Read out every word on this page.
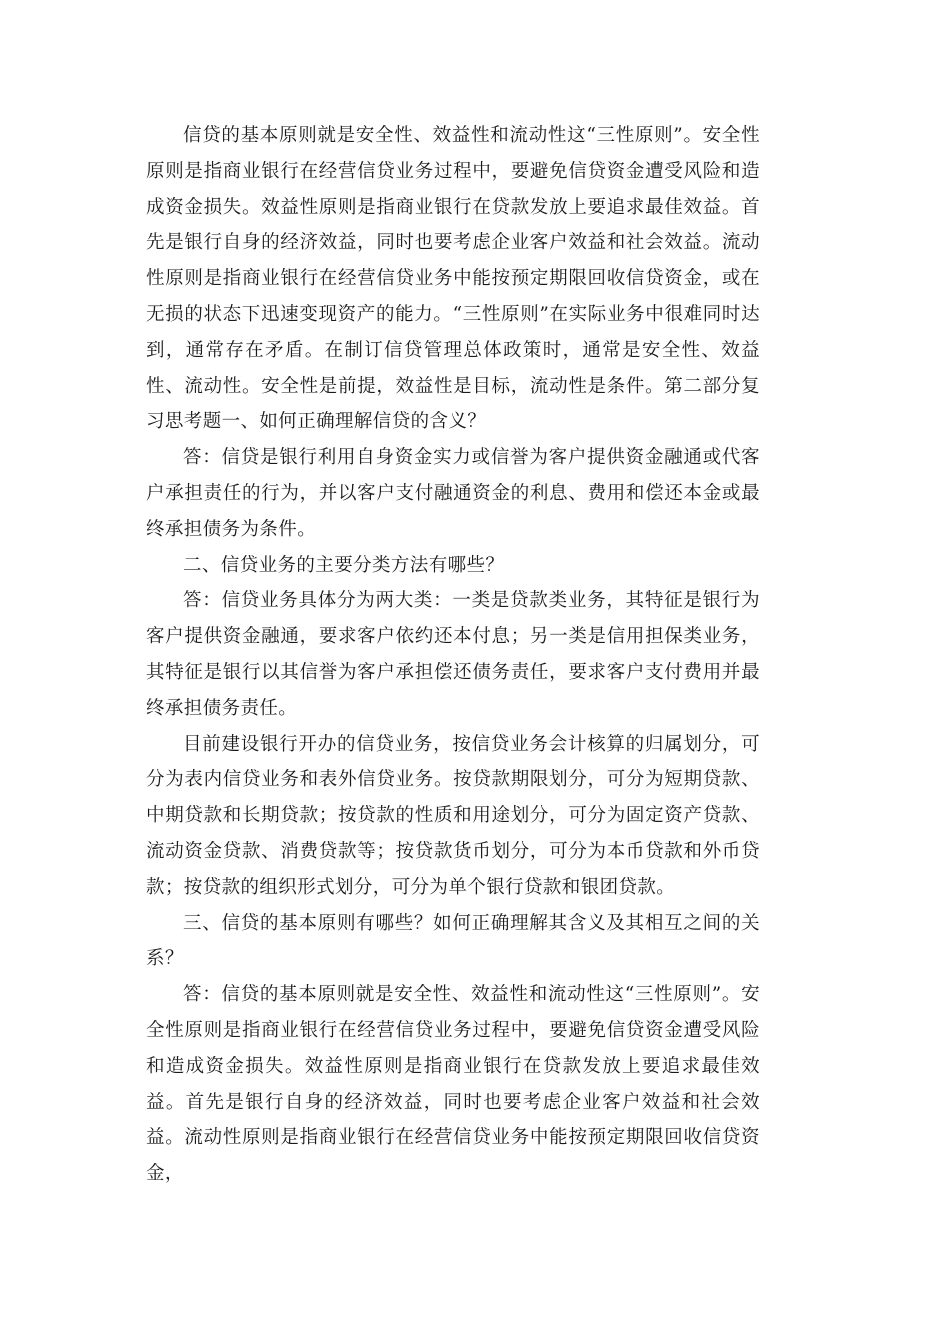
信贷的基本原则就是安全性、效益性和流动性这“三性原则”。安全性原则是指商业银行在经营信贷业务过程中，要避免信贷资金遭受风险和造成资金损失。效益性原则是指商业银行在贷款发放上要追求最佳效益。首先是银行自身的经济效益，同时也要考虑企业客户效益和社会效益。流动性原则是指商业银行在经营信贷业务中能按预定期限回收信贷资金，或在无损的状态下迅速变现资产的能力。“三性原则”在实际业务中很难同时达到，通常存在矛盾。在制订信贷管理总体政策时，通常是安全性、效益性、流动性。安全性是前提，效益性是目标，流动性是条件。第二部分复习思考题一、如何正确理解信贷的含义？

答：信贷是银行利用自身资金实力或信誉为客户提供资金融通或代客户承担责任的行为，并以客户支付融通资金的利息、费用和偿还本金或最终承担债务为条件。

二、信贷业务的主要分类方法有哪些？

答：信贷业务具体分为两大类：一类是贷款类业务，其特征是银行为客户提供资金融通，要求客户依约还本付息；另一类是信用担保类业务，其特征是银行以其信誉为客户承担偿还债务责任，要求客户支付费用并最终承担债务责任。

目前建设银行开办的信贷业务，按信贷业务会计核算的归属划分，可分为表内信贷业务和表外信贷业务。按贷款期限划分，可分为短期贷款、中期贷款和长期贷款；按贷款的性质和用途划分，可分为固定资产贷款、流动资金贷款、消费贷款等；按贷款货币划分，可分为本币贷款和外币贷款；按贷款的组织形式划分，可分为单个银行贷款和银团贷款。

三、信贷的基本原则有哪些？如何正确理解其含义及其相互之间的关系？

答：信贷的基本原则就是安全性、效益性和流动性这“三性原则”。安全性原则是指商业银行在经营信贷业务过程中，要避免信贷资金遭受风险和造成资金损失。效益性原则是指商业银行在贷款发放上要追求最佳效益。首先是银行自身的经济效益，同时也要考虑企业客户效益和社会效益。流动性原则是指商业银行在经营信贷业务中能按预定期限回收信贷资金，
